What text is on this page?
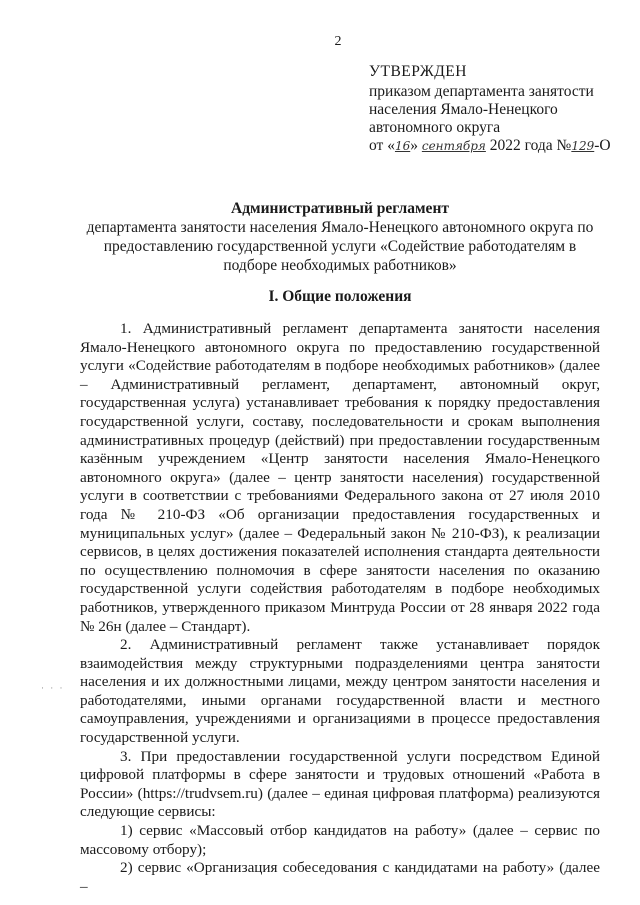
2
УТВЕРЖДЕН
приказом департамента занятости
населения Ямало-Ненецкого
автономного округа
от «16» сентября 2022 года №129-О
Административный регламент
департамента занятости населения Ямало-Ненецкого автономного округа по предоставлению государственной услуги «Содействие работодателям в подборе необходимых работников»
I. Общие положения

1. Административный регламент департамента занятости населения Ямало-Ненецкого автономного округа по предоставлению государственной услуги «Содействие работодателям в подборе необходимых работников» (далее – Административный регламент, департамент, автономный округ, государственная услуга) устанавливает требования к порядку предоставления государственной услуги, составу, последовательности и срокам выполнения административных процедур (действий) при предоставлении государственным казённым учреждением «Центр занятости населения Ямало-Ненецкого автономного округа» (далее – центр занятости населения) государственной услуги в соответствии с требованиями Федерального закона от 27 июля 2010 года № 210-ФЗ «Об организации предоставления государственных и муниципальных услуг» (далее – Федеральный закон № 210-ФЗ), к реализации сервисов, в целях достижения показателей исполнения стандарта деятельности по осуществлению полномочия в сфере занятости населения по оказанию государственной услуги содействия работодателям в подборе необходимых работников, утвержденного приказом Минтруда России от 28 января 2022 года № 26н (далее – Стандарт).

2. Административный регламент также устанавливает порядок взаимодействия между структурными подразделениями центра занятости населения и их должностными лицами, между центром занятости населения и работодателями, иными органами государственной власти и местного самоуправления, учреждениями и организациями в процессе предоставления государственной услуги.

3. При предоставлении государственной услуги посредством Единой цифровой платформы в сфере занятости и трудовых отношений «Работа в России» (https://trudvsem.ru) (далее – единая цифровая платформа) реализуются следующие сервисы:

1) сервис «Массовый отбор кандидатов на работу» (далее – сервис по массовому отбору);

2) сервис «Организация собеседования с кандидатами на работу» (далее –

· · ·
